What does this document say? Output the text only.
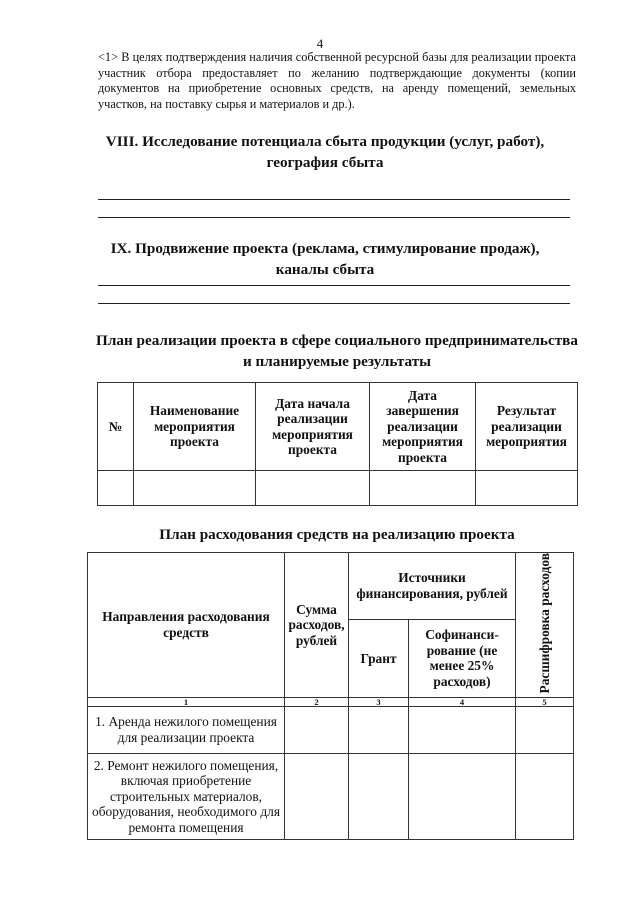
4
<1> В целях подтверждения наличия собственной ресурсной базы для реализации проекта участник отбора предоставляет по желанию подтверждающие документы (копии документов на приобретение основных средств, на аренду помещений, земельных участков, на поставку сырья и материалов и др.).
VIII. Исследование потенциала сбыта продукции (услуг, работ),
география сбыта
IX. Продвижение проекта (реклама, стимулирование продаж),
каналы сбыта
План реализации проекта в сфере социального предпринимательства
и планируемые результаты
№	Наименование мероприятия проекта	Дата начала реализации мероприятия проекта	Дата завершения реализации мероприятия проекта	Результат реализации мероприятия

План расходования средств на реализацию проекта
Направления расходования средств	Сумма расходов, рублей	Источники финансирования, рублей		Расшифровка расходов
		Грант	Софинанси-рование (не менее 25% расходов)	
1	2	3	4	5
1. Аренда нежилого помещения для реализации проекта				
2. Ремонт нежилого помещения, включая приобретение строительных материалов, оборудования, необходимого для ремонта помещения				
